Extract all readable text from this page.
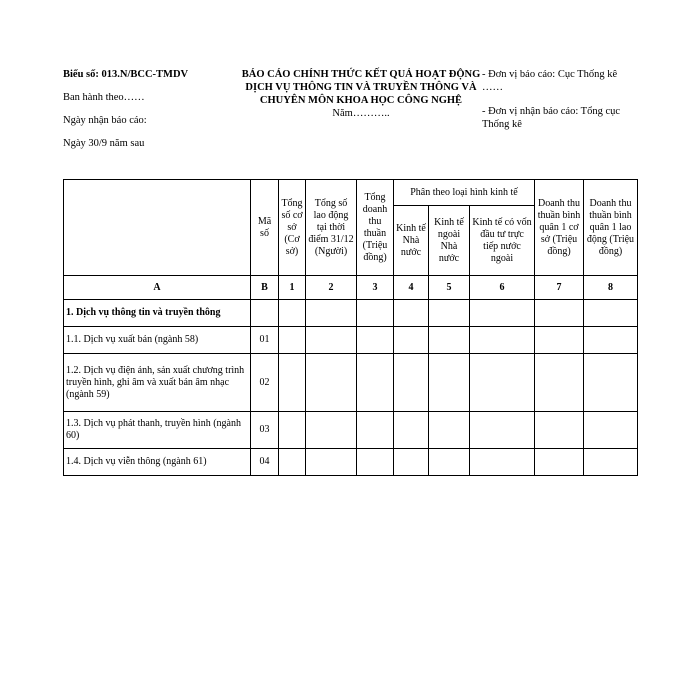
Biểu số: 013.N/BCC-TMDV
Ban hành theo……
Ngày nhận báo cáo:
Ngày 30/9 năm sau
BÁO CÁO CHÍNH THỨC KẾT QUẢ HOẠT ĐỘNG
DỊCH VỤ THÔNG TIN VÀ TRUYỀN THÔNG VÀ
CHUYÊN MÔN KHOA HỌC CÔNG NGHỆ
Năm………..
- Đơn vị báo cáo: Cục Thống kê
……
- Đơn vị nhận báo cáo: Tổng cục
Thống kê
	Mã số	Tổng số cơ sở (Cơ sở)	Tổng số lao động tại thời điểm 31/12 (Người)	Tổng doanh thu thuần (Triệu đồng)	Phân theo loại hình kinh tế			Doanh thu thuần bình quân 1 cơ sở (Triệu đồng)	Doanh thu thuần bình quân 1 lao động (Triệu đồng)
					Kinh tế Nhà nước	Kinh tế ngoài Nhà nước	Kinh tế có vốn đầu tư trực tiếp nước ngoài		
A	B	1	2	3	4	5	6	7	8
1. Dịch vụ thông tin và truyền thông									
1.1. Dịch vụ xuất bản (ngành 58)	01								
1.2. Dịch vụ điện ảnh, sản xuất chương trình truyền hình, ghi âm và xuất bản âm nhạc (ngành 59)	02								
1.3. Dịch vụ phát thanh, truyền hình (ngành 60)	03								
1.4. Dịch vụ viễn thông (ngành 61)	04								
